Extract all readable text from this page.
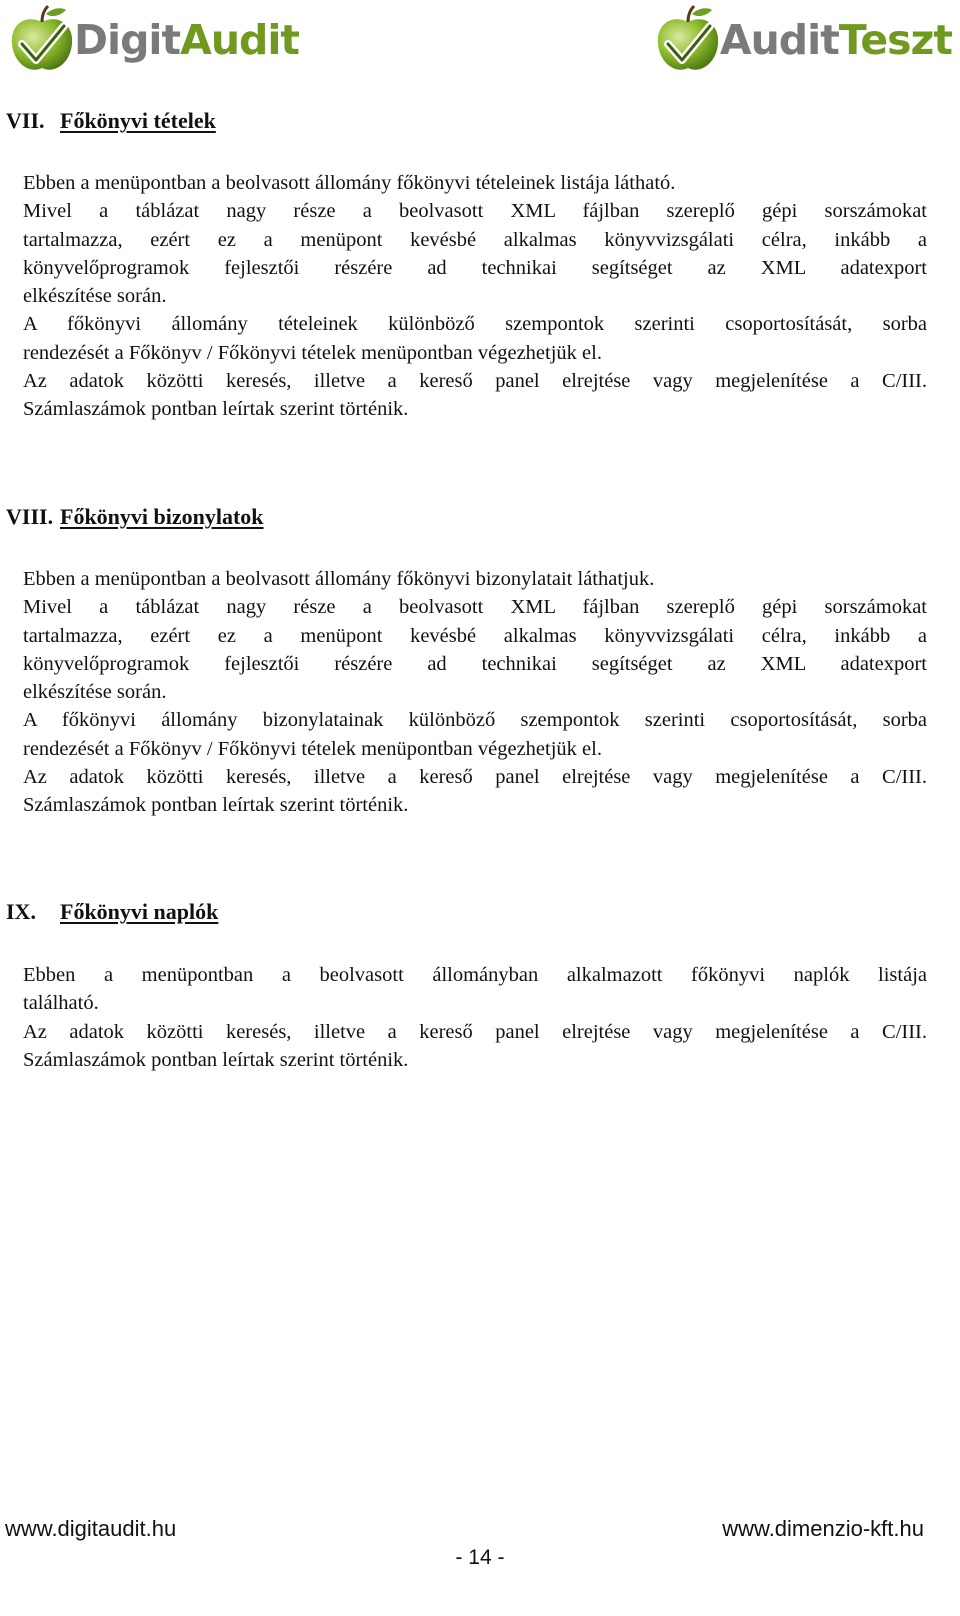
DigitAudit	AuditTeszt
VII. Főkönyvi tételek

Ebben a menüpontban a beolvasott állomány főkönyvi tételeinek listája látható.

Mivel a táblázat nagy része a beolvasott XML fájlban szereplő gépi sorszámokat

tartalmazza, ezért ez a menüpont kevésbé alkalmas könyvvizsgálati célra, inkább a

könyvelőprogramok fejlesztői részére ad technikai segítséget az XML adatexport

elkészítése során.

A főkönyvi állomány tételeinek különböző szempontok szerinti csoportosítását, sorba

rendezését a Főkönyv / Főkönyvi tételek menüpontban végezhetjük el.

Az adatok közötti keresés, illetve a kereső panel elrejtése vagy megjelenítése a C/III.

Számlaszámok pontban leírtak szerint történik.

VIII. Főkönyvi bizonylatok

Ebben a menüpontban a beolvasott állomány főkönyvi bizonylatait láthatjuk.

Mivel a táblázat nagy része a beolvasott XML fájlban szereplő gépi sorszámokat

tartalmazza, ezért ez a menüpont kevésbé alkalmas könyvvizsgálati célra, inkább a

könyvelőprogramok fejlesztői részére ad technikai segítséget az XML adatexport

elkészítése során.

A főkönyvi állomány bizonylatainak különböző szempontok szerinti csoportosítását, sorba

rendezését a Főkönyv / Főkönyvi tételek menüpontban végezhetjük el.

Az adatok közötti keresés, illetve a kereső panel elrejtése vagy megjelenítése a C/III.

Számlaszámok pontban leírtak szerint történik.

IX. Főkönyvi naplók

Ebben a menüpontban a beolvasott állományban alkalmazott főkönyvi naplók listája

található.

Az adatok közötti keresés, illetve a kereső panel elrejtése vagy megjelenítése a C/III.

Számlaszámok pontban leírtak szerint történik.

www.digitaudit.hu	www.dimenzio-kft.hu
- 14 -
